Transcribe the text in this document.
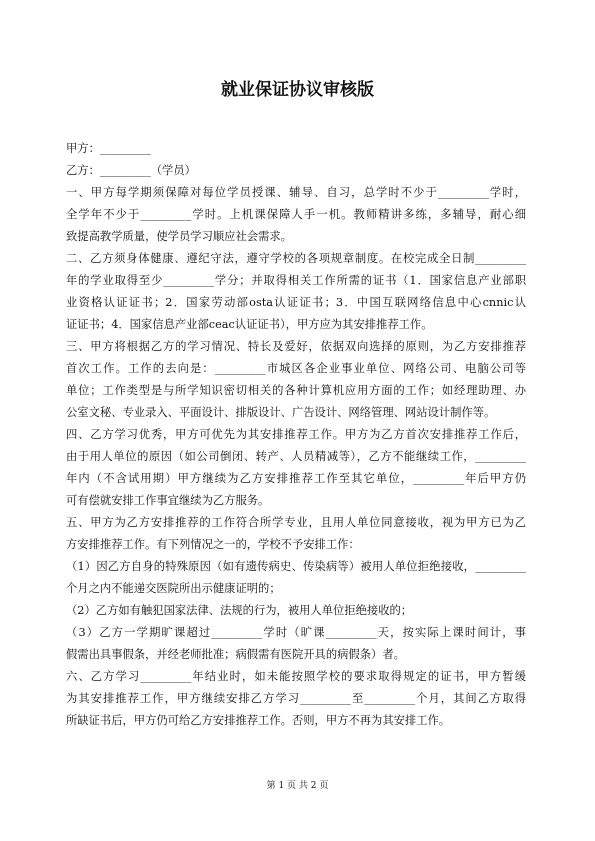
就业保证协议审核版
甲方：_________
乙方：_________（学员）
一、甲方每学期须保障对每位学员授课、辅导、自习，总学时不少于_________学时，
全学年不少于_________学时。上机课保障人手一机。教师精讲多练，多辅导，耐心细
致提高教学质量，使学员学习顺应社会需求。
二、乙方须身体健康、遵纪守法，遵守学校的各项规章制度。在校完成全日制_________
年的学业取得至少_________学分；并取得相关工作所需的证书（1．国家信息产业部职
业资格认证证书；2．国家劳动部osta认证证书；3．中国互联网络信息中心cnnic认
证证书；4．国家信息产业部ceac认证证书），甲方应为其安排推荐工作。
三、甲方将根据乙方的学习情况、特长及爱好，依据双向选择的原则，为乙方安排推荐
首次工作。工作的去向是：_________市城区各企业事业单位、网络公司、电脑公司等
单位；工作类型是与所学知识密切相关的各种计算机应用方面的工作；如经理助理、办
公室文秘、专业录入、平面设计、排版设计、广告设计、网络管理、网站设计制作等。
四、乙方学习优秀，甲方可优先为其安排推荐工作。甲方为乙方首次安排推荐工作后，
由于用人单位的原因（如公司倒闭、转产、人员精减等），乙方不能继续工作，_________
年内（不含试用期）甲方继续为乙方安排推荐工作至其它单位，_________年后甲方仍
可有偿就安排工作事宜继续为乙方服务。
五、甲方为乙方安排推荐的工作符合所学专业，且用人单位同意接收，视为甲方已为乙
方安排推荐工作。有下列情况之一的，学校不予安排工作：
（1）因乙方自身的特殊原因（如有遗传病史、传染病等）被用人单位拒绝接收，_________
个月之内不能递交医院所出示健康证明的；
（2）乙方如有触犯国家法律、法规的行为，被用人单位拒绝接收的；
（3）乙方一学期旷课超过_________学时（旷课_________天，按实际上课时间计，事
假需出具事假条，并经老师批准；病假需有医院开具的病假条）者。
六、乙方学习_________年结业时，如未能按照学校的要求取得规定的证书，甲方暂缓
为其安排推荐工作，甲方继续安排乙方学习_________至_________个月，其间乙方取得
所缺证书后，甲方仍可给乙方安排推荐工作。否则，甲方不再为其安排工作。
第 1 页 共 2 页
